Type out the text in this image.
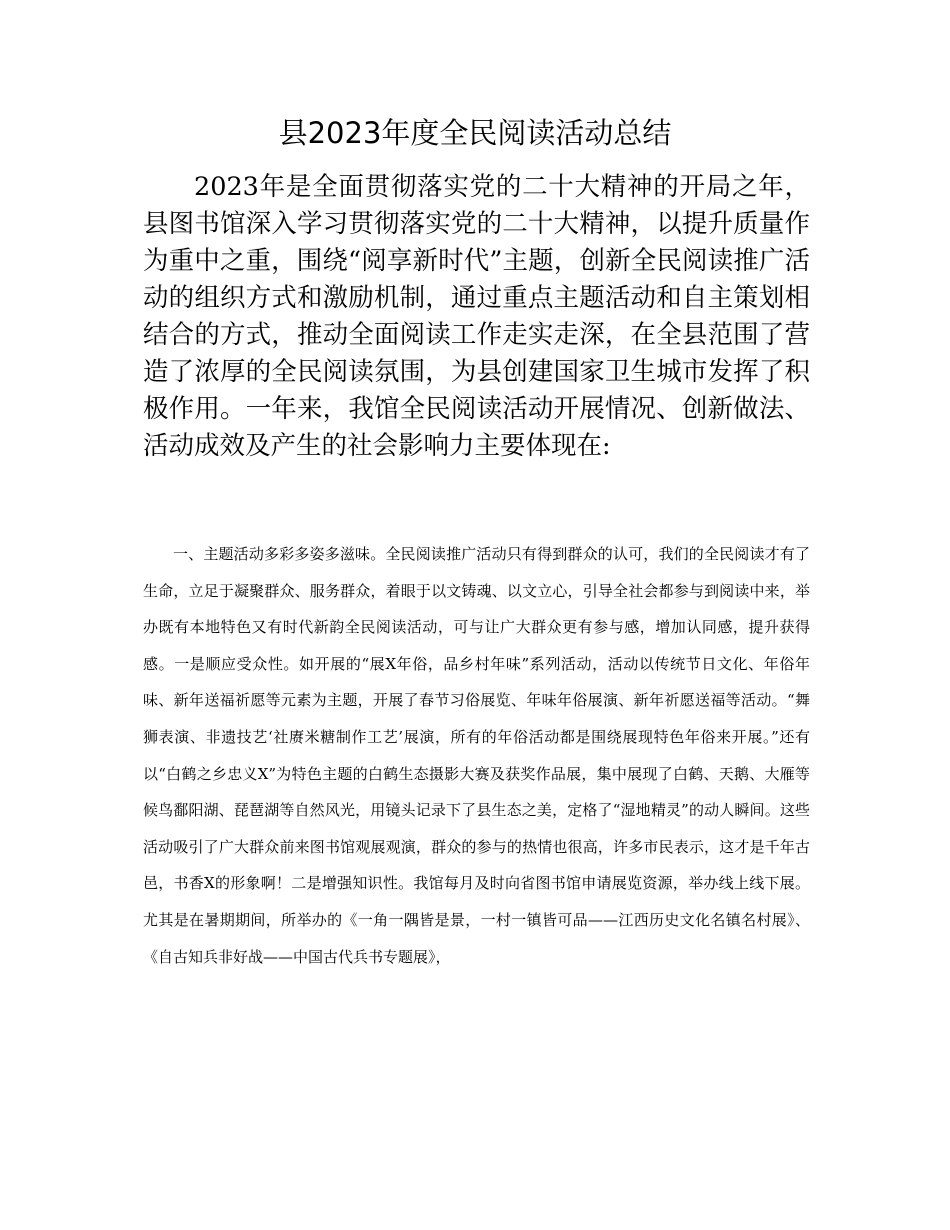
县2023年度全民阅读活动总结

2023年是全面贯彻落实党的二十大精神的开局之年，县图书馆深入学习贯彻落实党的二十大精神，以提升质量作为重中之重，围绕“阅享新时代”主题，创新全民阅读推广活动的组织方式和激励机制，通过重点主题活动和自主策划相结合的方式，推动全面阅读工作走实走深，在全县范围了营造了浓厚的全民阅读氛围，为县创建国家卫生城市发挥了积极作用。一年来，我馆全民阅读活动开展情况、创新做法、活动成效及产生的社会影响力主要体现在:

一、主题活动多彩多姿多滋味。全民阅读推广活动只有得到群众的认可，我们的全民阅读才有了生命，立足于凝聚群众、服务群众，着眼于以文铸魂、以文立心，引导全社会都参与到阅读中来，举办既有本地特色又有时代新韵全民阅读活动，可与让广大群众更有参与感，增加认同感，提升获得感。一是顺应受众性。如开展的“展X年俗，品乡村年味”系列活动，活动以传统节日文化、年俗年味、新年送福祈愿等元素为主题，开展了春节习俗展览、年味年俗展演、新年祈愿送福等活动。“舞狮表演、非遗技艺‘社赓米糖制作工艺’展演，所有的年俗活动都是围绕展现特色年俗来开展。”还有以“白鹤之乡忠义X”为特色主题的白鹤生态摄影大赛及获奖作品展，集中展现了白鹤、天鹅、大雁等候鸟鄱阳湖、琵琶湖等自然风光，用镜头记录下了县生态之美，定格了“湿地精灵”的动人瞬间。这些活动吸引了广大群众前来图书馆观展观演，群众的参与的热情也很高，许多市民表示，这才是千年古邑，书香X的形象啊！二是增强知识性。我馆每月及时向省图书馆申请展览资源，举办线上线下展。尤其是在暑期期间，所举办的《一角一隅皆是景，一村一镇皆可品——江西历史文化名镇名村展》、《自古知兵非好战——中国古代兵书专题展》，
